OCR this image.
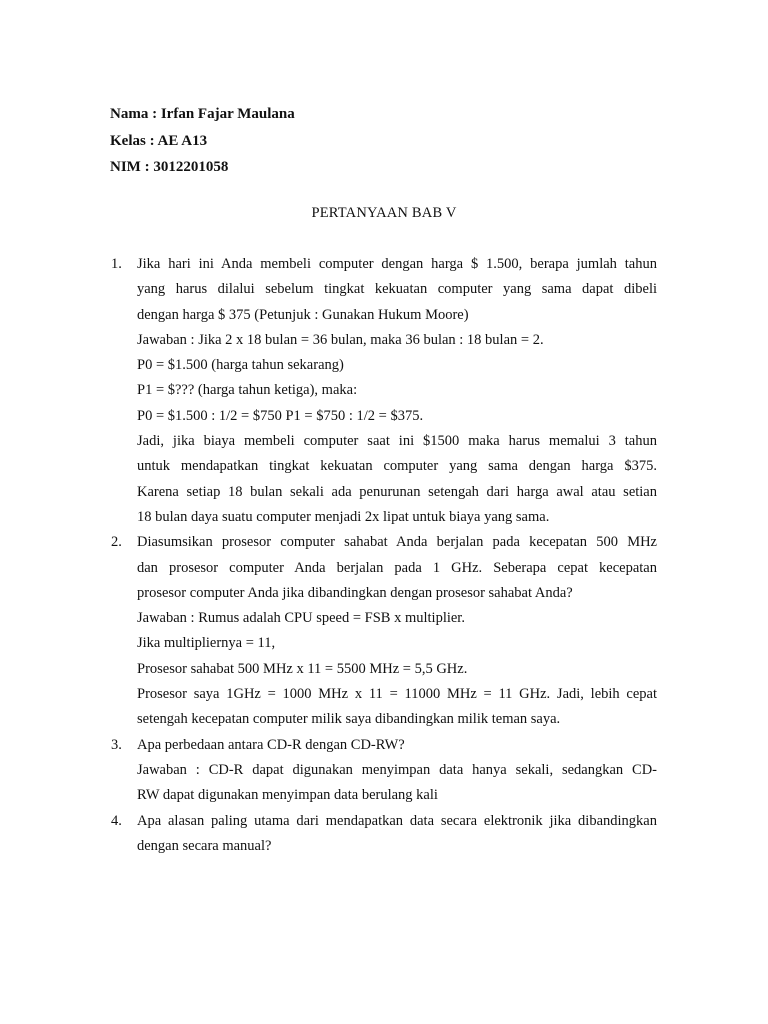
Nama : Irfan Fajar Maulana
Kelas : AE A13
NIM : 3012201058
PERTANYAAN BAB V
1. Jika hari ini Anda membeli computer dengan harga $ 1.500, berapa jumlah tahun
yang harus dilalui sebelum tingkat kekuatan computer yang sama dapat dibeli
dengan harga $ 375 (Petunjuk : Gunakan Hukum Moore)
Jawaban : Jika 2 x 18 bulan = 36 bulan, maka 36 bulan : 18 bulan = 2.
P0 = $1.500 (harga tahun sekarang)
P1 = $??? (harga tahun ketiga), maka:
P0 = $1.500 : 1/2 = $750 P1 = $750 : 1/2 = $375.
Jadi, jika biaya membeli computer saat ini $1500 maka harus memalui 3 tahun
untuk mendapatkan tingkat kekuatan computer yang sama dengan harga $375.
Karena setiap 18 bulan sekali ada penurunan setengah dari harga awal atau setian
18 bulan daya suatu computer menjadi 2x lipat untuk biaya yang sama.
2. Diasumsikan prosesor computer sahabat Anda berjalan pada kecepatan 500 MHz
dan prosesor computer Anda berjalan pada 1 GHz. Seberapa cepat kecepatan
prosesor computer Anda jika dibandingkan dengan prosesor sahabat Anda?
Jawaban : Rumus adalah CPU speed = FSB x multiplier.
Jika multipliernya = 11,
Prosesor sahabat 500 MHz x 11 = 5500 MHz = 5,5 GHz.
Prosesor saya 1GHz = 1000 MHz x 11 = 11000 MHz = 11 GHz. Jadi, lebih cepat
setengah kecepatan computer milik saya dibandingkan milik teman saya.
3. Apa perbedaan antara CD-R dengan CD-RW?
Jawaban : CD-R dapat digunakan menyimpan data hanya sekali, sedangkan CD-
RW dapat digunakan menyimpan data berulang kali
4. Apa alasan paling utama dari mendapatkan data secara elektronik jika dibandingkan
dengan secara manual?
